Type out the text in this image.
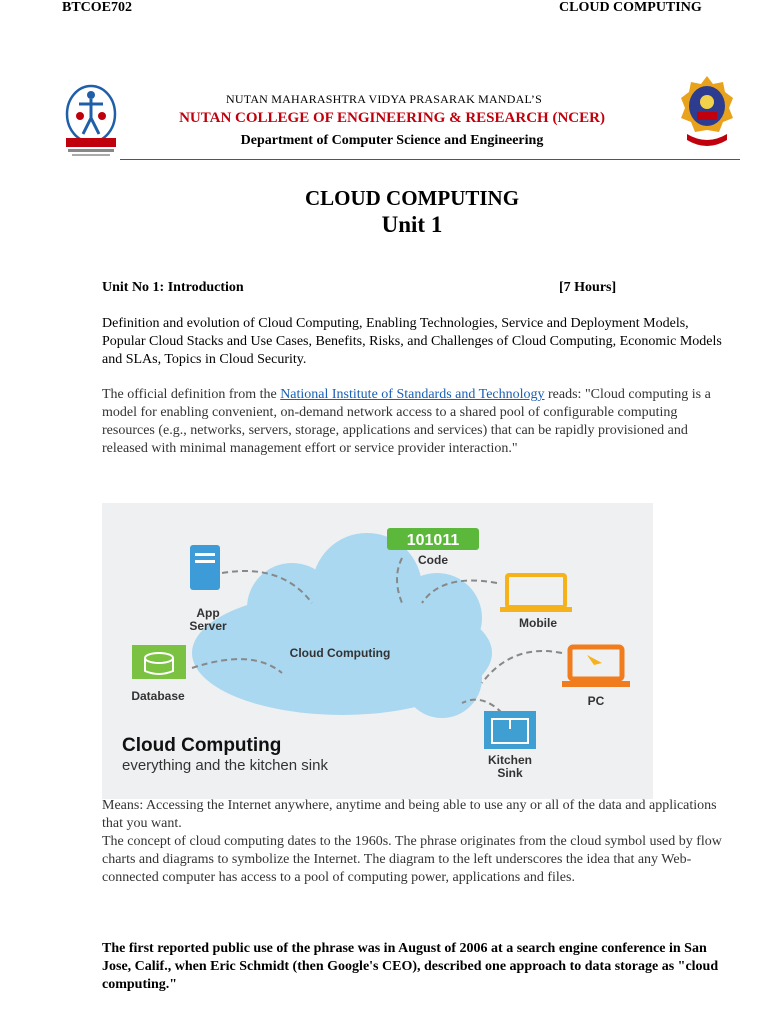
BTCOE702	CLOUD COMPUTING
NUTAN MAHARASHTRA VIDYA PRASARAK MANDAL’S
NUTAN COLLEGE OF ENGINEERING & RESEARCH (NCER)
Department of Computer Science and Engineering
CLOUD COMPUTING
Unit 1
Unit No 1: Introduction	[7 Hours]
Definition and evolution of Cloud Computing, Enabling Technologies, Service and Deployment Models, Popular Cloud Stacks and Use Cases, Benefits, Risks, and Challenges of Cloud Computing, Economic Models and SLAs, Topics in Cloud Security.
The official definition from the National Institute of Standards and Technology reads: "Cloud computing is a model for enabling convenient, on-demand network access to a shared pool of configurable computing resources (e.g., networks, servers, storage, applications and services) that can be rapidly provisioned and released with minimal management effort or service provider interaction."
Cloud Computing
App
Server
101011
Code
Mobile
Database	PC
Kitchen
Sink
Cloud Computing
everything and the kitchen sink
Means: Accessing the Internet anywhere, anytime and being able to use any or all of the data and applications that you want.
The concept of cloud computing dates to the 1960s. The phrase originates from the cloud symbol used by flow charts and diagrams to symbolize the Internet. The diagram to the left underscores the idea that any Web-connected computer has access to a pool of computing power, applications and files.
The first reported public use of the phrase was in August of 2006 at a search engine conference in San Jose, Calif., when Eric Schmidt (then Google's CEO), described one approach to data storage as "cloud computing."
